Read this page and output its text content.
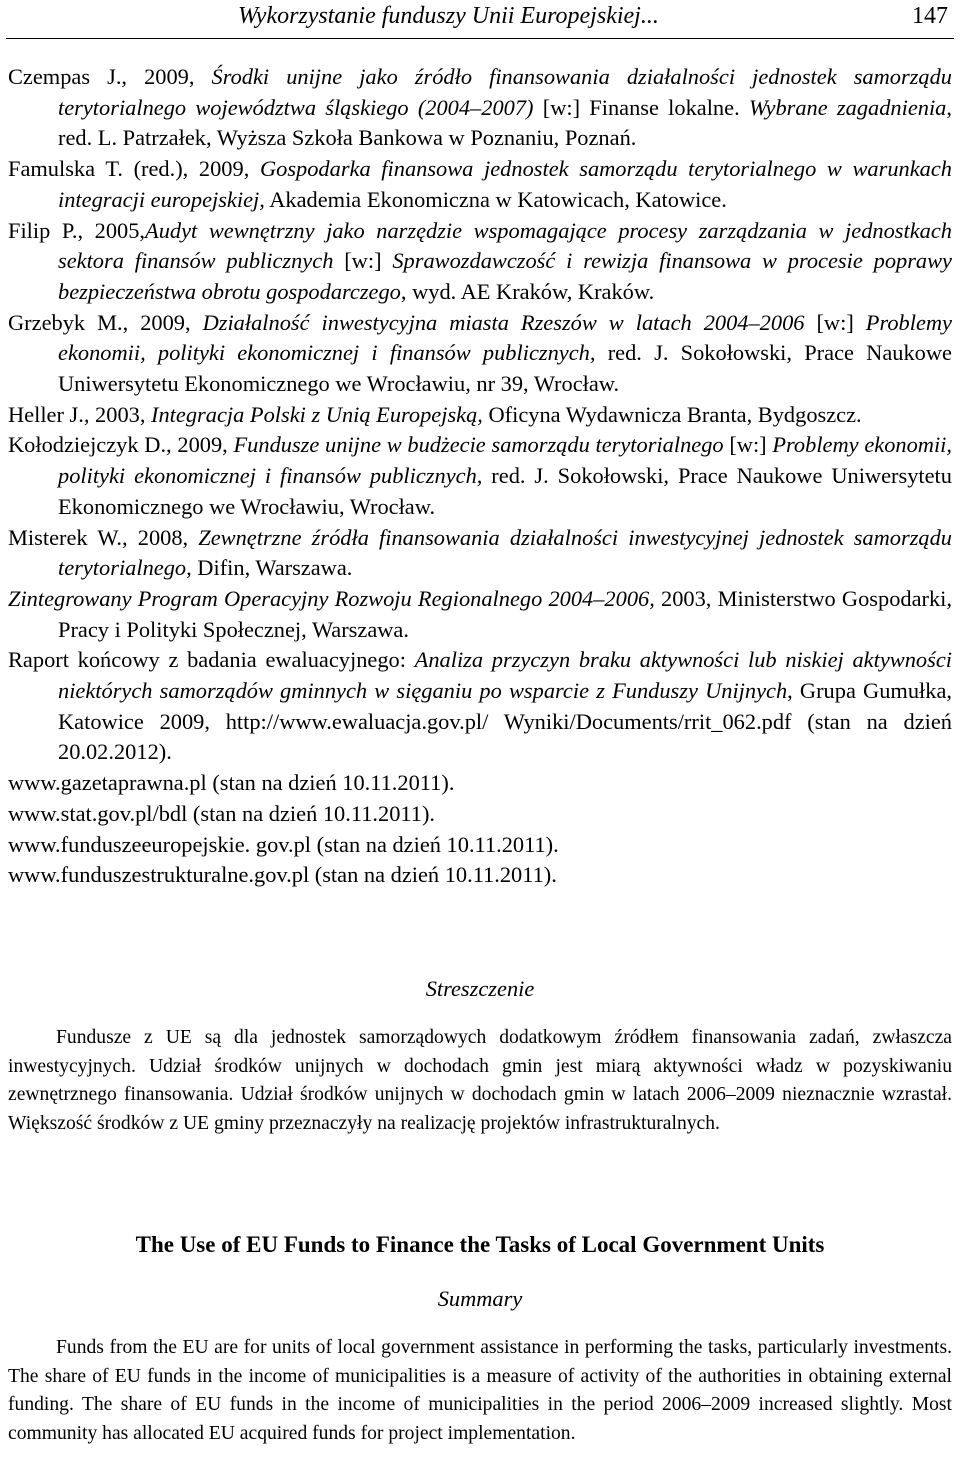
Wykorzystanie funduszy Unii Europejskiej...	147
Czempas J., 2009, Środki unijne jako źródło finansowania działalności jednostek samorządu terytorialnego województwa śląskiego (2004–2007) [w:] Finanse lokalne. Wybrane zagadnienia, red. L. Patrzałek, Wyższa Szkoła Bankowa w Poznaniu, Poznań.
Famulska T. (red.), 2009, Gospodarka finansowa jednostek samorządu terytorialnego w warunkach integracji europejskiej, Akademia Ekonomiczna w Katowicach, Katowice.
Filip P., 2005,Audyt wewnętrzny jako narzędzie wspomagające procesy zarządzania w jednostkach sektora finansów publicznych [w:] Sprawozdawczość i rewizja finansowa w procesie poprawy bezpieczeństwa obrotu gospodarczego, wyd. AE Kraków, Kraków.
Grzebyk M., 2009, Działalność inwestycyjna miasta Rzeszów w latach 2004–2006 [w:] Problemy ekonomii, polityki ekonomicznej i finansów publicznych, red. J. Sokołowski, Prace Naukowe Uniwersytetu Ekonomicznego we Wrocławiu, nr 39, Wrocław.
Heller J., 2003, Integracja Polski z Unią Europejską, Oficyna Wydawnicza Branta, Bydgoszcz.
Kołodziejczyk D., 2009, Fundusze unijne w budżecie samorządu terytorialnego [w:] Problemy ekonomii, polityki ekonomicznej i finansów publicznych, red. J. Sokołowski, Prace Naukowe Uniwersytetu Ekonomicznego we Wrocławiu, Wrocław.
Misterek W., 2008, Zewnętrzne źródła finansowania działalności inwestycyjnej jednostek samorządu terytorialnego, Difin, Warszawa.
Zintegrowany Program Operacyjny Rozwoju Regionalnego 2004–2006, 2003, Ministerstwo Gospodarki, Pracy i Polityki Społecznej, Warszawa.
Raport końcowy z badania ewaluacyjnego: Analiza przyczyn braku aktywności lub niskiej aktywności niektórych samorządów gminnych w sięganiu po wsparcie z Funduszy Unijnych, Grupa Gumułka, Katowice 2009, http://www.ewaluacja.gov.pl/ Wyniki/Documents/rrit_062.pdf (stan na dzień 20.02.2012).
www.gazetaprawna.pl (stan na dzień 10.11.2011).
www.stat.gov.pl/bdl (stan na dzień 10.11.2011).
www.funduszeeuropejskie. gov.pl (stan na dzień 10.11.2011).
www.funduszestrukturalne.gov.pl (stan na dzień 10.11.2011).
Streszczenie

Fundusze z UE są dla jednostek samorządowych dodatkowym źródłem finansowania zadań, zwłaszcza inwestycyjnych. Udział środków unijnych w dochodach gmin jest miarą aktywności władz w pozyskiwaniu zewnętrznego finansowania. Udział środków unijnych w dochodach gmin w latach 2006–2009 nieznacznie wzrastał. Większość środków z UE gminy przeznaczyły na realizację projektów infrastrukturalnych.

The Use of EU Funds to Finance the Tasks of Local Government Units
Summary

Funds from the EU are for units of local government assistance in performing the tasks, particularly investments. The share of EU funds in the income of municipalities is a measure of activity of the authorities in obtaining external funding. The share of EU funds in the income of municipalities in the period 2006–2009 increased slightly. Most community has allocated EU acquired funds for project implementation.
